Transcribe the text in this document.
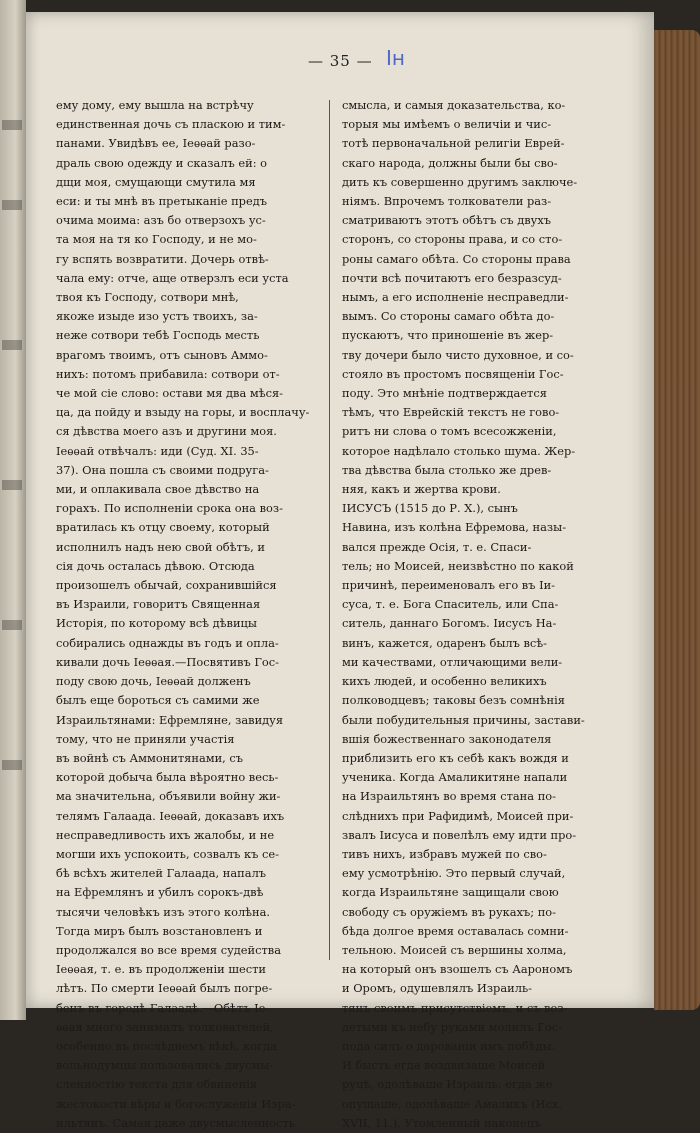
— 35 — Ін
ему дому, ему вышла на встрѣчу
единственная дочь съ пласкою и тим-
панами. Увидѣвъ ее, Іеѳѳай разо-
драль свою одежду и сказалъ ей: о
дщи моя, смущающи смутила мя
еси: и ты мнѣ въ претыканіе предъ
очима моима: азъ бо отверзохъ ус-
та моя на тя ко Господу, и не мо-
гу вспять возвратити. Дочерь отвѣ-
чала ему: отче, аще отверзлъ еси уста
твоя къ Господу, сотвори мнѣ,
якоже изыде изо устъ твоихъ, за-
неже сотвори тебѣ Господь месть
врагомъ твоимъ, отъ сыновъ Аммо-
нихъ: потомъ прибавила: сотвори от-
че мой сіе слово: остави мя два мѣся-
ца, да пойду и взыду на горы, и восплачу-
ся дѣвства моего азъ и другини моя.
Іеѳѳай отвѣчалъ: иди (Суд. XI. 35-
37). Она пошла съ своими подруга-
ми, и оплакивала свое дѣвство на
горахъ. По исполненіи срока она воз-
вратилась къ отцу своему, который
исполнилъ надъ нею свой обѣтъ, и
сія дочь осталась дѣвою. Отсюда
произошелъ обычай, сохранившійся
въ Израили, говоритъ Священная
Исторія, по которому всѣ дѣвицы
собирались однажды въ годъ и опла-
кивали дочь Іеѳѳая.—Посвятивъ Гос-
поду свою дочь, Іеѳѳай долженъ
былъ еще бороться съ самими же
Израильтянами: Ефремляне, завидуя
тому, что не приняли участія
въ войнѣ съ Аммонитянами, съ
которой добыча была вѣроятно весь-
ма значительна, объявили войну жи-
телямъ Галаада. Іеѳѳай, доказавъ ихъ
несправедливость ихъ жалобы, и не
могши ихъ успокоить, созвалъ къ се-
бѣ всѣхъ жителей Галаада, напалъ
на Ефремлянъ и убилъ сорокъ-двѣ
тысячи человѣкъ изъ этого колѣна.
Тогда миръ былъ возстановленъ и
продолжался во все время судейства
Іеѳѳая, т. е. въ продолженіи шести
лѣтъ. По смерти Іеѳѳай былъ погре-
бенъ въ городѣ Галаадѣ.—Обѣтъ Іе-
ѳѳая много занималъ толкователей,
особенно въ послѣднемъ вѣкѣ, когда
вольнодумцы пользовались двусмы-
сленностію текста для обвиненія
жестокости вѣры и богослуженія Изра-
ильтянъ. Самая даже двусмысленность
смысла, и самыя доказательства, ко-
торыя мы имѣемъ о величіи и чис-
тотѣ первоначальной религіи Еврей-
скаго народа, должны были бы сво-
дить къ совершенно другимъ заключе-
ніямъ. Впрочемъ толкователи раз-
сматриваютъ этотъ обѣтъ съ двухъ
сторонъ, со стороны права, и со сто-
роны самаго обѣта. Со стороны права
почти всѣ почитаютъ его безразсуд-
нымъ, а его исполненіе несправедли-
вымъ. Со стороны самаго обѣта до-
пускаютъ, что приношеніе въ жер-
тву дочери было чисто духовное, и со-
стояло въ простомъ посвященіи Гос-
поду. Это мнѣніе подтверждается
тѣмъ, что Еврейскій текстъ не гово-
ритъ ни слова о томъ всесожженіи,
которое надѣлало столько шума. Жер-
тва дѣвства была столько же древ-
няя, какъ и жертва крови.
ІИСУСЪ (1515 до Р. Х.), сынъ
Навина, изъ колѣна Ефремова, назы-
вался прежде Осія, т. е. Спаси-
тель; но Моисей, неизвѣстно по какой
причинѣ, переименовалъ его въ Іи-
суса, т. е. Бога Спаситель, или Спа-
ситель, даннаго Богомъ. Іисусъ На-
винъ, кажется, одаренъ былъ всѣ-
ми качествами, отличающими вели-
кихъ людей, и особенно великихъ
полководцевъ; таковы безъ сомнѣнія
были побудительныя причины, застави-
вшія божественнаго законодателя
приблизить его къ себѣ какъ вождя и
ученика. Когда Амаликитяне напали
на Израильтянъ во время стана по-
слѣднихъ при Рафидимѣ, Моисей при-
звалъ Іисуса и повелѣлъ ему идти про-
тивъ нихъ, избравъ мужей по сво-
ему усмотрѣнію. Это первый случай,
когда Израильтяне защищали свою
свободу съ оружіемъ въ рукахъ; по-
бѣда долгое время оставалась сомни-
тельною. Моисей съ вершины холма,
на который онъ взошелъ съ Аарономъ
и Оромъ, одушевлялъ Израиль-
тянъ своимъ присутствіемъ, и съ воз-
детыми къ небу руками молилъ Гос-
пода силъ о дарованіи имъ побѣды.
И бысть егда воздвизаше Моисей
руцѣ, одолѣваше Израиль: егда же
опущаше, одолѣваше Амаликъ (Исх.
XVII, 11.). Утомленный наконецъ
